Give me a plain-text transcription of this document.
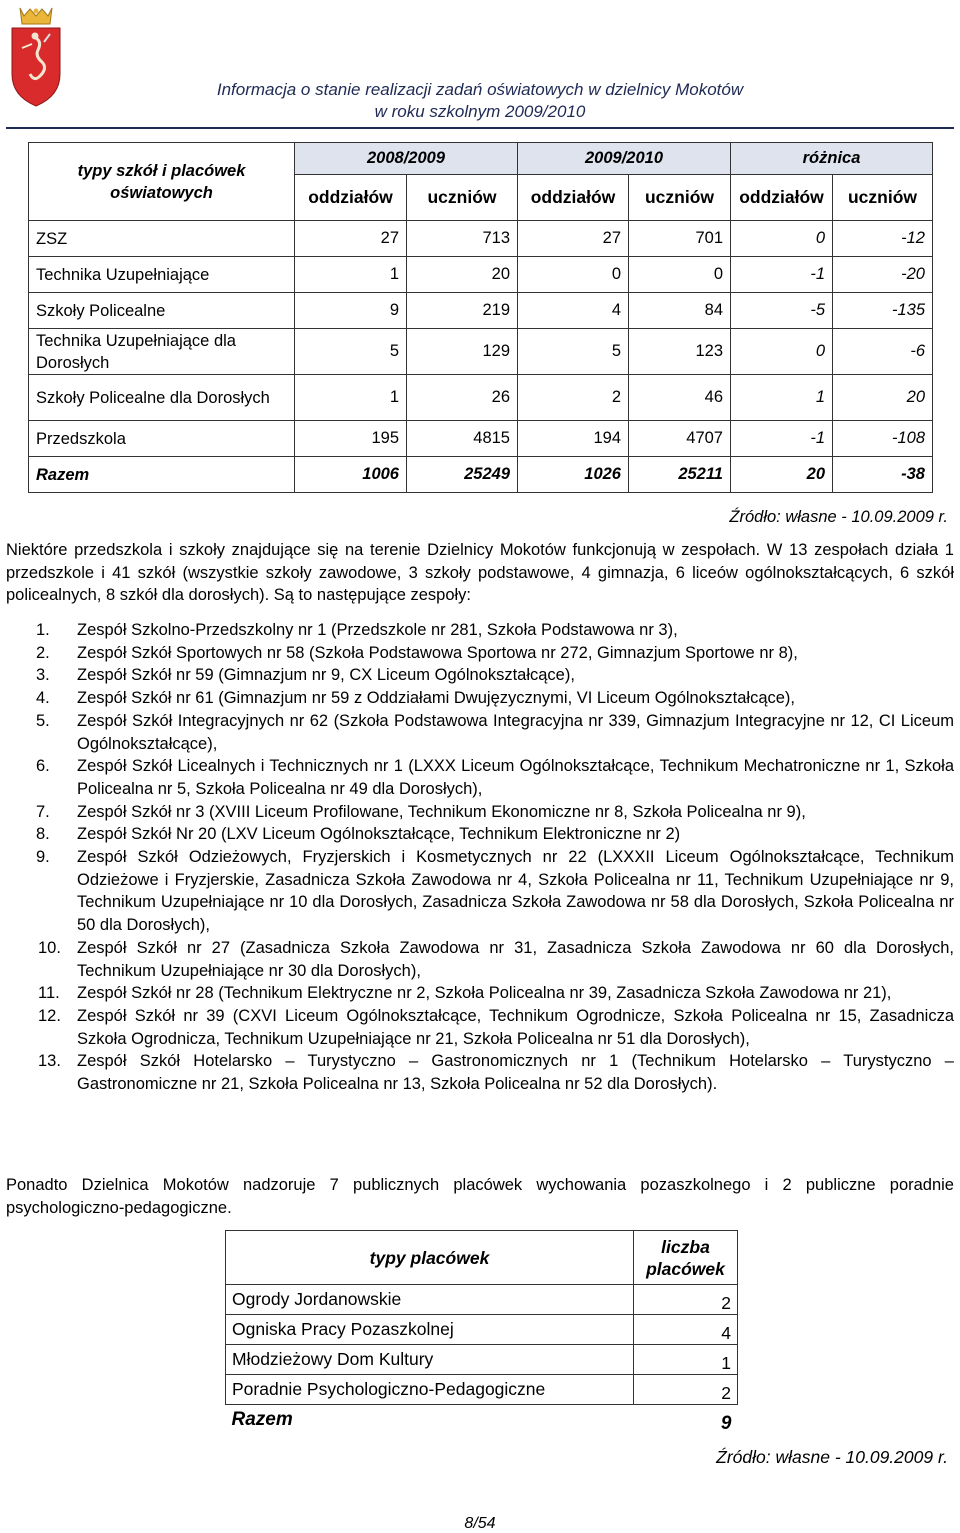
Informacja o stanie realizacji zadań oświatowych w dzielnicy Mokotów
w roku szkolnym 2009/2010
typy szkół i placówek oświatowych	2008/2009		2009/2010		różnica	
	oddziałów	uczniów	oddziałów	uczniów	oddziałów	uczniów
ZSZ	27	713	27	701	0	-12
Technika Uzupełniające	1	20	0	0	-1	-20
Szkoły Policealne	9	219	4	84	-5	-135
Technika Uzupełniające dla Dorosłych	5	129	5	123	0	-6
Szkoły Policealne dla Dorosłych	1	26	2	46	1	20
Przedszkola	195	4815	194	4707	-1	-108
Razem	1006	25249	1026	25211	20	-38
Źródło: własne - 10.09.2009 r.
Niektóre przedszkola i szkoły znajdujące się na terenie Dzielnicy Mokotów funkcjonują w zespołach. W 13 zespołach działa 1 przedszkole i 41 szkół (wszystkie szkoły zawodowe, 3 szkoły podstawowe, 4 gimnazja, 6 liceów ogólnokształcących, 6 szkół policealnych, 8 szkół dla dorosłych). Są to następujące zespoły:
1.	Zespół Szkolno-Przedszkolny nr 1 (Przedszkole nr 281, Szkoła Podstawowa nr 3),
2.	Zespół Szkół Sportowych nr 58 (Szkoła Podstawowa Sportowa nr 272, Gimnazjum Sportowe nr 8),
3.	Zespół Szkół nr 59 (Gimnazjum nr 9, CX Liceum Ogólnokształcące),
4.	Zespół Szkół nr 61 (Gimnazjum nr 59 z Oddziałami Dwujęzycznymi, VI Liceum Ogólnokształcące),
5.	Zespół Szkół Integracyjnych nr 62 (Szkoła Podstawowa Integracyjna nr 339, Gimnazjum Integracyjne nr 12, CI Liceum Ogólnokształcące),
6.	Zespół Szkół Licealnych i Technicznych nr 1 (LXXX Liceum Ogólnokształcące, Technikum Mechatroniczne nr 1, Szkoła Policealna nr 5, Szkoła Policealna nr 49 dla Dorosłych),
7.	Zespół Szkół nr 3 (XVIII Liceum Profilowane, Technikum Ekonomiczne nr 8, Szkoła Policealna nr 9),
8.	Zespół Szkół Nr 20 (LXV Liceum Ogólnokształcące, Technikum Elektroniczne nr 2)
9.	Zespół Szkół Odzieżowych, Fryzjerskich i Kosmetycznych nr 22 (LXXXII Liceum Ogólnokształcące, Technikum Odzieżowe i Fryzjerskie, Zasadnicza Szkoła Zawodowa nr 4, Szkoła Policealna nr 11, Technikum Uzupełniające nr 9, Technikum Uzupełniające nr 10 dla Dorosłych, Zasadnicza Szkoła Zawodowa nr 58 dla Dorosłych, Szkoła Policealna nr 50 dla Dorosłych),
10. Zespół Szkół nr 27 (Zasadnicza Szkoła Zawodowa nr 31, Zasadnicza Szkoła Zawodowa nr 60 dla Dorosłych, Technikum Uzupełniające nr 30 dla Dorosłych),
11.	Zespół Szkół nr 28 (Technikum Elektryczne nr 2, Szkoła Policealna nr 39, Zasadnicza Szkoła Zawodowa nr 21),
12. Zespół Szkół nr 39 (CXVI Liceum Ogólnokształcące, Technikum Ogrodnicze, Szkoła Policealna nr 15, Zasadnicza Szkoła Ogrodnicza, Technikum Uzupełniające nr 21, Szkoła Policealna nr 51 dla Dorosłych),
13. Zespół Szkół Hotelarsko – Turystyczno – Gastronomicznych nr 1 (Technikum Hotelarsko – Turystyczno – Gastronomiczne nr 21, Szkoła Policealna nr 13, Szkoła Policealna nr 52 dla Dorosłych).
Ponadto Dzielnica Mokotów nadzoruje 7 publicznych placówek wychowania pozaszkolnego i 2 publiczne poradnie psychologiczno-pedagogiczne.
typy placówek	liczba placówek
Ogrody Jordanowskie	2
Ogniska Pracy Pozaszkolnej	4
Młodzieżowy Dom Kultury	1
Poradnie Psychologiczno-Pedagogiczne	2
Razem	9
Źródło: własne - 10.09.2009 r.
8/54
